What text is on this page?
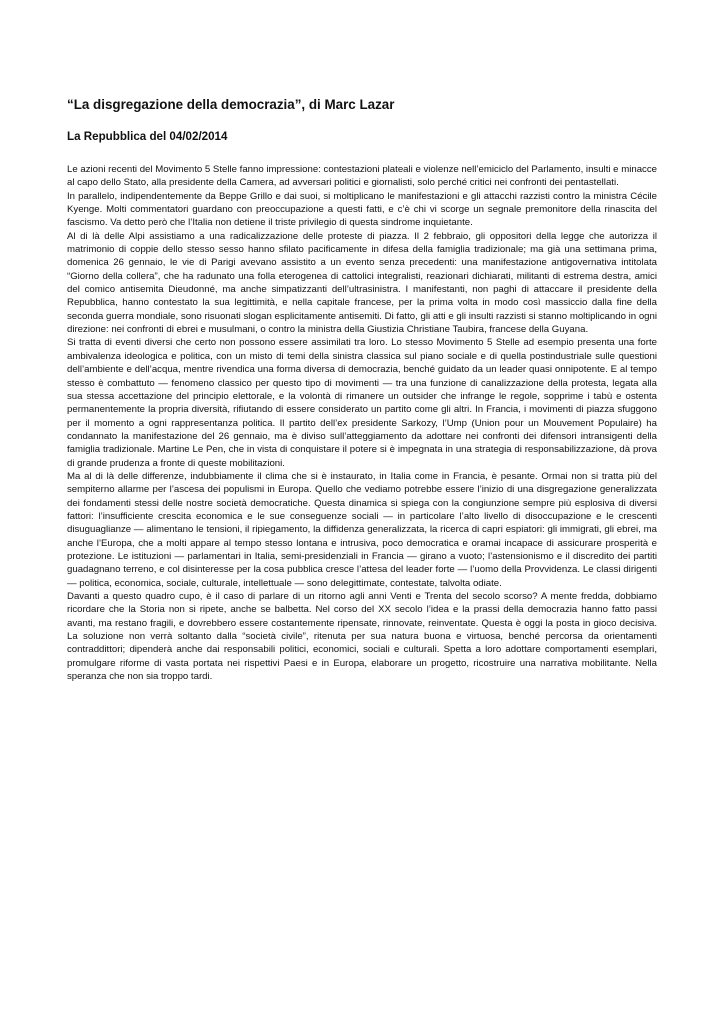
“La disgregazione della democrazia”, di Marc Lazar
La Repubblica del 04/02/2014

Le azioni recenti del Movimento 5 Stelle fanno impressione: contestazioni plateali e violenze nell’emiciclo del Parlamento, insulti e minacce al capo dello Stato, alla presidente della Camera, ad avversari politici e giornalisti, solo perché critici nei confronti dei pentastellati.

In parallelo, indipendentemente da Beppe Grillo e dai suoi, si moltiplicano le manifestazioni e gli attacchi razzisti contro la ministra Cécile Kyenge. Molti commentatori guardano con preoccupazione a questi fatti, e c’è chi vi scorge un segnale premonitore della rinascita del fascismo. Va detto però che l’Italia non detiene il triste privilegio di questa sindrome inquietante.

Al di là delle Alpi assistiamo a una radicalizzazione delle proteste di piazza. Il 2 febbraio, gli oppositori della legge che autorizza il matrimonio di coppie dello stesso sesso hanno sfilato pacificamente in difesa della famiglia tradizionale; ma già una settimana prima, domenica 26 gennaio, le vie di Parigi avevano assistito a un evento senza precedenti: una manifestazione antigovernativa intitolata “Giorno della collera”, che ha radunato una folla eterogenea di cattolici integralisti, reazionari dichiarati, militanti di estrema destra, amici del comico antisemita Dieudonné, ma anche simpatizzanti dell’ultrasinistra. I manifestanti, non paghi di attaccare il presidente della Repubblica, hanno contestato la sua legittimità, e nella capitale francese, per la prima volta in modo così massiccio dalla fine della seconda guerra mondiale, sono risuonati slogan esplicitamente antisemiti. Di fatto, gli atti e gli insulti razzisti si stanno moltiplicando in ogni direzione: nei confronti di ebrei e musulmani, o contro la ministra della Giustizia Christiane Taubira, francese della Guyana.

Si tratta di eventi diversi che certo non possono essere assimilati tra loro. Lo stesso Movimento 5 Stelle ad esempio presenta una forte ambivalenza ideologica e politica, con un misto di temi della sinistra classica sul piano sociale e di quella postindustriale sulle questioni dell’ambiente e dell’acqua, mentre rivendica una forma diversa di democrazia, benché guidato da un leader quasi onnipotente. E al tempo stesso è combattuto — fenomeno classico per questo tipo di movimenti — tra una funzione di canalizzazione della protesta, legata alla sua stessa accettazione del principio elettorale, e la volontà di rimanere un outsider che infrange le regole, sopprime i tabù e ostenta permanentemente la propria diversità, rifiutando di essere considerato un partito come gli altri. In Francia, i movimenti di piazza sfuggono per il momento a ogni rappresentanza politica. Il partito dell’ex presidente Sarkozy, l’Ump (Union pour un Mouvement Populaire) ha condannato la manifestazione del 26 gennaio, ma è diviso sull’atteggiamento da adottare nei confronti dei difensori intransigenti della famiglia tradizionale. Martine Le Pen, che in vista di conquistare il potere si è impegnata in una strategia di responsabilizzazione, dà prova di grande prudenza a fronte di queste mobilitazioni.

Ma al di là delle differenze, indubbiamente il clima che si è instaurato, in Italia come in Francia, è pesante. Ormai non si tratta più del sempiterno allarme per l’ascesa dei populismi in Europa. Quello che vediamo potrebbe essere l’inizio di una disgregazione generalizzata dei fondamenti stessi delle nostre società democratiche. Questa dinamica si spiega con la congiunzione sempre più esplosiva di diversi fattori: l’insufficiente crescita economica e le sue conseguenze sociali — in particolare l’alto livello di disoccupazione e le crescenti disuguaglianze — alimentano le tensioni, il ripiegamento, la diffidenza generalizzata, la ricerca di capri espiatori: gli immigrati, gli ebrei, ma anche l’Europa, che a molti appare al tempo stesso lontana e intrusiva, poco democratica e oramai incapace di assicurare prosperità e protezione. Le istituzioni — parlamentari in Italia, semi-presidenziali in Francia — girano a vuoto; l’astensionismo e il discredito dei partiti guadagnano terreno, e col disinteresse per la cosa pubblica cresce l’attesa del leader forte — l’uomo della Provvidenza. Le classi dirigenti — politica, economica, sociale, culturale, intellettuale — sono delegittimate, contestate, talvolta odiate.

Davanti a questo quadro cupo, è il caso di parlare di un ritorno agli anni Venti e Trenta del secolo scorso? A mente fredda, dobbiamo ricordare che la Storia non si ripete, anche se balbetta. Nel corso del XX secolo l’idea e la prassi della democrazia hanno fatto passi avanti, ma restano fragili, e dovrebbero essere costantemente ripensate, rinnovate, reinventate. Questa è oggi la posta in gioco decisiva. La soluzione non verrà soltanto dalla “società civile”, ritenuta per sua natura buona e virtuosa, benché percorsa da orientamenti contraddittori; dipenderà anche dai responsabili politici, economici, sociali e culturali. Spetta a loro adottare comportamenti esemplari, promulgare riforme di vasta portata nei rispettivi Paesi e in Europa, elaborare un progetto, ricostruire una narrativa mobilitante. Nella speranza che non sia troppo tardi.
